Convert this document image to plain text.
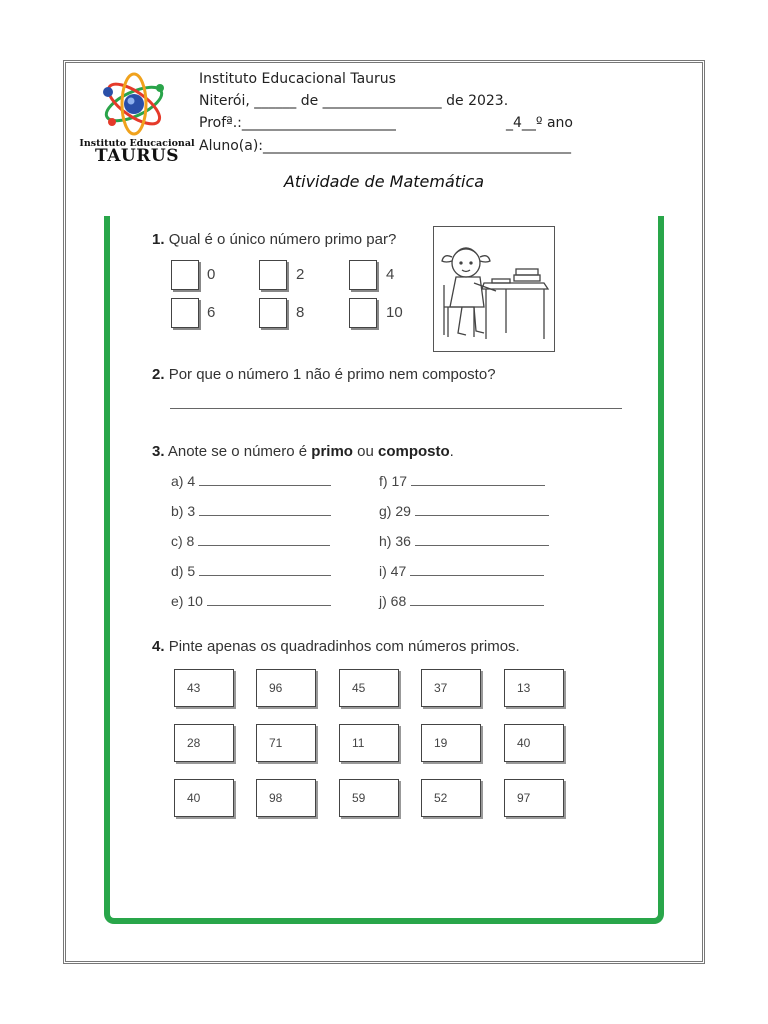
Instituto Educacional
TAURUS
Instituto Educacional Taurus
Niterói, ______ de _________________ de 2023.
Profª.:______________________	_4__º ano
Aluno(a):____________________________________________
Atividade de Matemática
1. Qual é o único número primo par?
0	2	4
6	8	10
2. Por que o número 1 não é primo nem composto?
3. Anote se o número é primo ou composto.
a) 4
b) 3
c) 8
d) 5
e) 10
f) 17
g) 29
h) 36
i) 47
j) 68
4. Pinte apenas os quadradinhos com números primos.
43	96	45	37	13
28	71	11	19	40
40	98	59	52	97
